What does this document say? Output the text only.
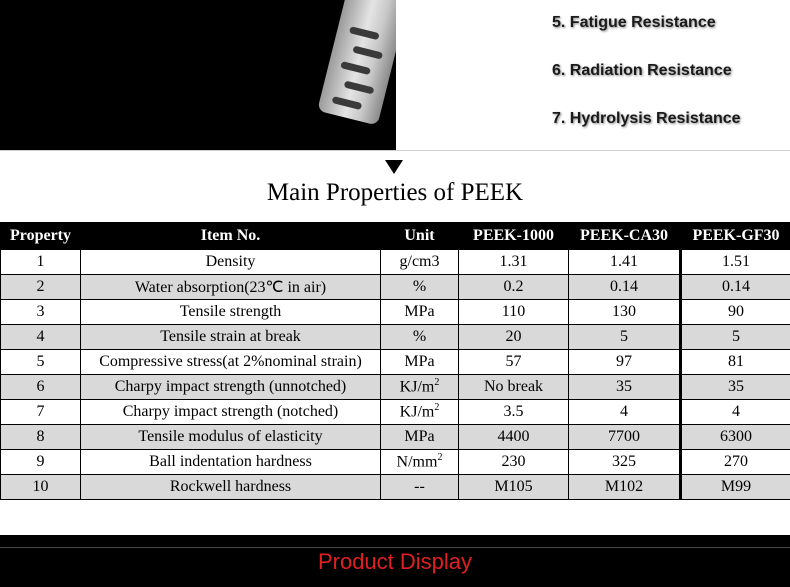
5. Fatigue Resistance
6. Radiation Resistance
7. Hydrolysis Resistance
Main Properties of PEEK
Property	Item No.	Unit	PEEK-1000	PEEK-CA30	PEEK-GF30
1	Density	g/cm3	1.31	1.41	1.51
2	Water absorption(23℃ in air)	%	0.2	0.14	0.14
3	Tensile strength	MPa	110	130	90
4	Tensile strain at break	%	20	5	5
5	Compressive stress(at 2%nominal strain)	MPa	57	97	81
6	Charpy impact strength (unnotched)	$KJ/m^2$	No break	35	35
7	Charpy impact strength (notched)	$KJ/m^2$	3.5	4	4
8	Tensile modulus of elasticity	MPa	4400	7700	6300
9	Ball indentation hardness	$N/mm^2$	230	325	270
10	Rockwell hardness	--	M105	M102	M99
Product Display
